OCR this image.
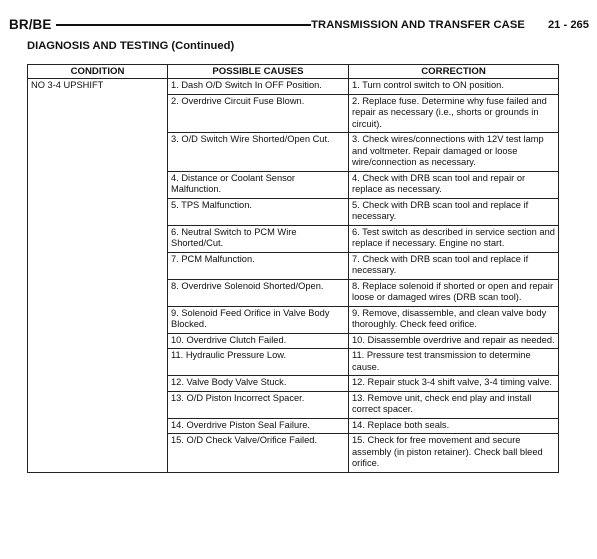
BR/BE	TRANSMISSION AND TRANSFER CASE 21 - 265
DIAGNOSIS AND TESTING (Continued)
CONDITION	POSSIBLE CAUSES	CORRECTION
NO 3-4 UPSHIFT	1. Dash O/D Switch In OFF Position.	1. Turn control switch to ON position.
	2. Overdrive Circuit Fuse Blown.	2. Replace fuse. Determine why fuse failed and repair as necessary (i.e., shorts or grounds in circuit).
	3. O/D Switch Wire Shorted/Open Cut.	3. Check wires/connections with 12V test lamp and voltmeter. Repair damaged or loose wire/connection as necessary.
	4. Distance or Coolant Sensor Malfunction.	4. Check with DRB scan tool and repair or replace as necessary.
	5. TPS Malfunction.	5. Check with DRB scan tool and replace if necessary.
	6. Neutral Switch to PCM Wire Shorted/Cut.	6. Test switch as described in service section and replace if necessary. Engine no start.
	7. PCM Malfunction.	7. Check with DRB scan tool and replace if necessary.
	8. Overdrive Solenoid Shorted/Open.	8. Replace solenoid if shorted or open and repair loose or damaged wires (DRB scan tool).
	9. Solenoid Feed Orifice in Valve Body Blocked.	9. Remove, disassemble, and clean valve body thoroughly. Check feed orifice.
	10. Overdrive Clutch Failed.	10. Disassemble overdrive and repair as needed.
	11. Hydraulic Pressure Low.	11. Pressure test transmission to determine cause.
	12. Valve Body Valve Stuck.	12. Repair stuck 3-4 shift valve, 3-4 timing valve.
	13. O/D Piston Incorrect Spacer.	13. Remove unit, check end play and install correct spacer.
	14. Overdrive Piston Seal Failure.	14. Replace both seals.
	15. O/D Check Valve/Orifice Failed.	15. Check for free movement and secure assembly (in piston retainer). Check ball bleed orifice.
